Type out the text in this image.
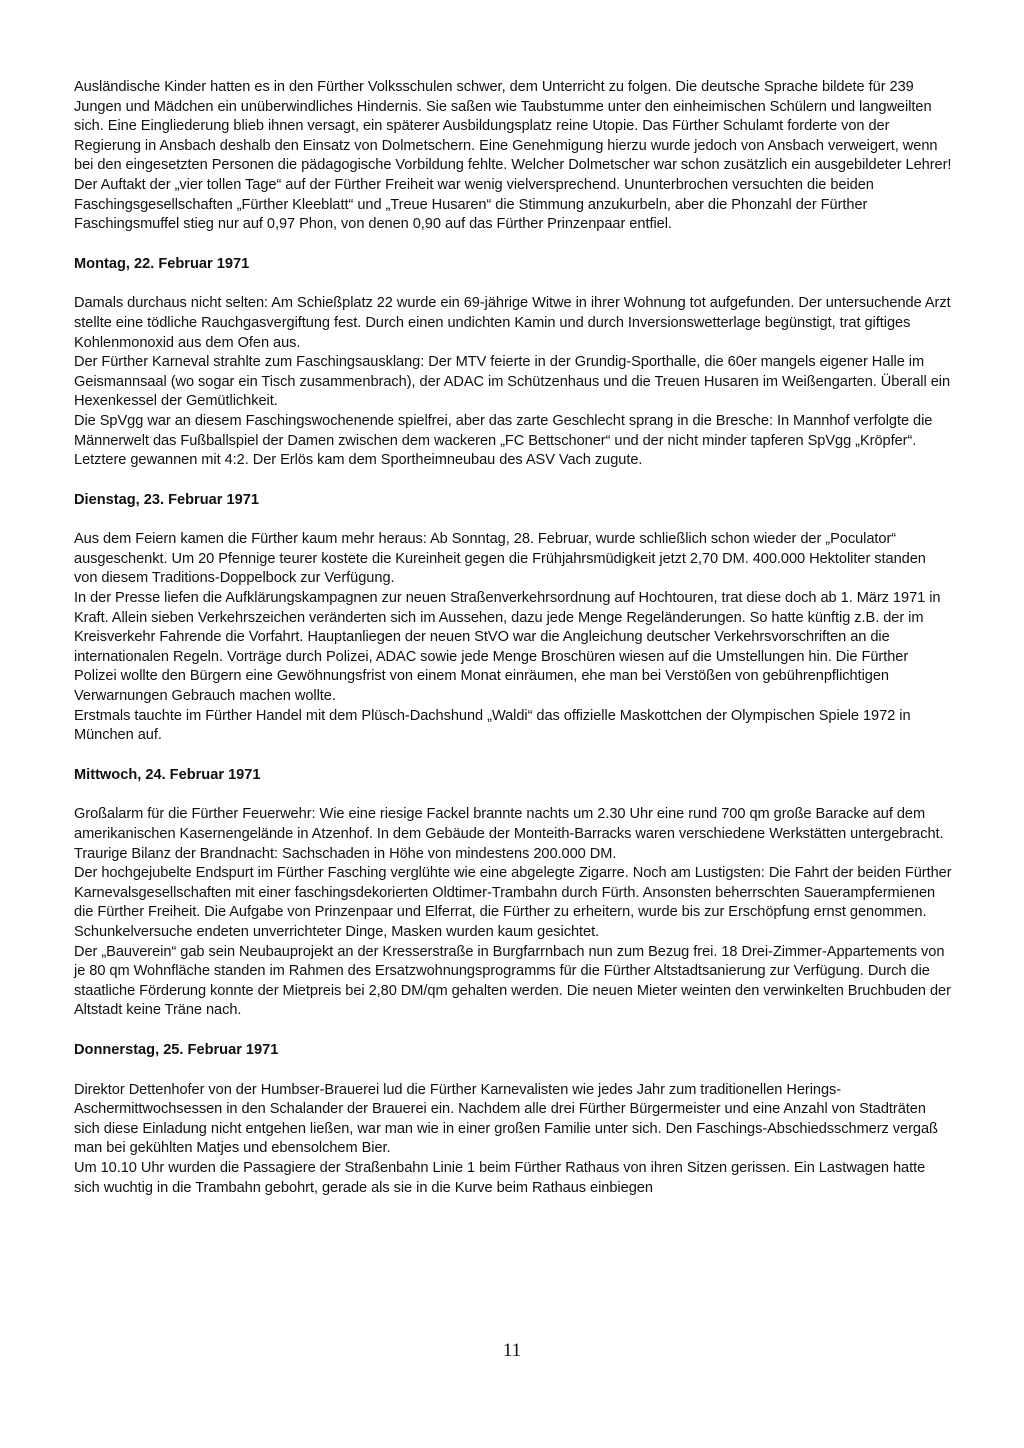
Ausländische Kinder hatten es in den Fürther Volksschulen schwer, dem Unterricht zu folgen. Die deutsche Sprache bildete für 239 Jungen und Mädchen ein unüberwindliches Hindernis. Sie saßen wie Taubstumme unter den einheimischen Schülern und langweilten sich. Eine Eingliederung blieb ihnen versagt, ein späterer Ausbildungsplatz reine Utopie. Das Fürther Schulamt forderte von der Regierung in Ansbach deshalb den Einsatz von Dolmetschern. Eine Genehmigung hierzu wurde jedoch von Ansbach verweigert, wenn bei den eingesetzten Personen die pädagogische Vorbildung fehlte. Welcher Dolmetscher war schon zusätzlich ein ausgebildeter Lehrer!

Der Auftakt der „vier tollen Tage“ auf der Fürther Freiheit war wenig vielversprechend. Ununterbrochen versuchten die beiden Faschingsgesellschaften „Fürther Kleeblatt“ und „Treue Husaren“ die Stimmung anzukurbeln, aber die Phonzahl der Fürther Faschingsmuffel stieg nur auf 0,97 Phon, von denen 0,90 auf das Fürther Prinzenpaar entfiel.

Montag, 22. Februar 1971

Damals durchaus nicht selten: Am Schießplatz 22 wurde ein 69-jährige Witwe in ihrer Wohnung tot aufgefunden. Der untersuchende Arzt stellte eine tödliche Rauchgasvergiftung fest. Durch einen undichten Kamin und durch Inversionswetterlage begünstigt, trat giftiges Kohlenmonoxid aus dem Ofen aus.

Der Fürther Karneval strahlte zum Faschingsausklang: Der MTV feierte in der Grundig-Sporthalle, die 60er mangels eigener Halle im Geismannsaal (wo sogar ein Tisch zusammenbrach), der ADAC im Schützenhaus und die Treuen Husaren im Weißengarten. Überall ein Hexenkessel der Gemütlichkeit.

Die SpVgg war an diesem Faschingswochenende spielfrei, aber das zarte Geschlecht sprang in die Bresche: In Mannhof verfolgte die Männerwelt das Fußballspiel der Damen zwischen dem wackeren „FC Bettschoner“ und der nicht minder tapferen SpVgg „Kröpfer“. Letztere gewannen mit 4:2. Der Erlös kam dem Sportheimneubau des ASV Vach zugute.

Dienstag, 23. Februar 1971

Aus dem Feiern kamen die Fürther kaum mehr heraus: Ab Sonntag, 28. Februar, wurde schließlich schon wieder der „Poculator“ ausgeschenkt. Um 20 Pfennige teurer kostete die Kureinheit gegen die Frühjahrsmüdigkeit jetzt 2,70 DM. 400.000 Hektoliter standen von diesem Traditions-Doppelbock zur Verfügung.

In der Presse liefen die Aufklärungskampagnen zur neuen Straßenverkehrsordnung auf Hochtouren, trat diese doch ab 1. März 1971 in Kraft. Allein sieben Verkehrszeichen veränderten sich im Aussehen, dazu jede Menge Regeländerungen. So hatte künftig z.B. der im Kreisverkehr Fahrende die Vorfahrt. Hauptanliegen der neuen StVO war die Angleichung deutscher Verkehrsvorschriften an die internationalen Regeln. Vorträge durch Polizei, ADAC sowie jede Menge Broschüren wiesen auf die Umstellungen hin. Die Fürther Polizei wollte den Bürgern eine Gewöhnungsfrist von einem Monat einräumen, ehe man bei Verstößen von gebührenpflichtigen Verwarnungen Gebrauch machen wollte.

Erstmals tauchte im Fürther Handel mit dem Plüsch-Dachshund „Waldi“ das offizielle Maskottchen der Olympischen Spiele 1972 in München auf.

Mittwoch, 24. Februar 1971

Großalarm für die Fürther Feuerwehr: Wie eine riesige Fackel brannte nachts um 2.30 Uhr eine rund 700 qm große Baracke auf dem amerikanischen Kasernengelände in Atzenhof. In dem Gebäude der Monteith-Barracks waren verschiedene Werkstätten untergebracht. Traurige Bilanz der Brandnacht: Sachschaden in Höhe von mindestens 200.000 DM.

Der hochgejubelte Endspurt im Fürther Fasching verglühte wie eine abgelegte Zigarre. Noch am Lustigsten: Die Fahrt der beiden Fürther Karnevalsgesellschaften mit einer faschingsdekorierten Oldtimer-Trambahn durch Fürth. Ansonsten beherrschten Sauerampfermienen die Fürther Freiheit. Die Aufgabe von Prinzenpaar und Elferrat, die Fürther zu erheitern, wurde bis zur Erschöpfung ernst genommen. Schunkelversuche endeten unverrichteter Dinge, Masken wurden kaum gesichtet.

Der „Bauverein“ gab sein Neubauprojekt an der Kresserstraße in Burgfarrnbach nun zum Bezug frei. 18 Drei-Zimmer-Appartements von je 80 qm Wohnfläche standen im Rahmen des Ersatzwohnungsprogramms für die Fürther Altstadtsanierung zur Verfügung. Durch die staatliche Förderung konnte der Mietpreis bei 2,80 DM/qm gehalten werden. Die neuen Mieter weinten den verwinkelten Bruchbuden der Altstadt keine Träne nach.

Donnerstag, 25. Februar 1971

Direktor Dettenhofer von der Humbser-Brauerei lud die Fürther Karnevalisten wie jedes Jahr zum traditionellen Herings-Aschermittwochsessen in den Schalander der Brauerei ein. Nachdem alle drei Fürther Bürgermeister und eine Anzahl von Stadträten sich diese Einladung nicht entgehen ließen, war man wie in einer großen Familie unter sich. Den Faschings-Abschiedsschmerz vergaß man bei gekühlten Matjes und ebensolchem Bier.

Um 10.10 Uhr wurden die Passagiere der Straßenbahn Linie 1 beim Fürther Rathaus von ihren Sitzen gerissen. Ein Lastwagen hatte sich wuchtig in die Trambahn gebohrt, gerade als sie in die Kurve beim Rathaus einbiegen

11
